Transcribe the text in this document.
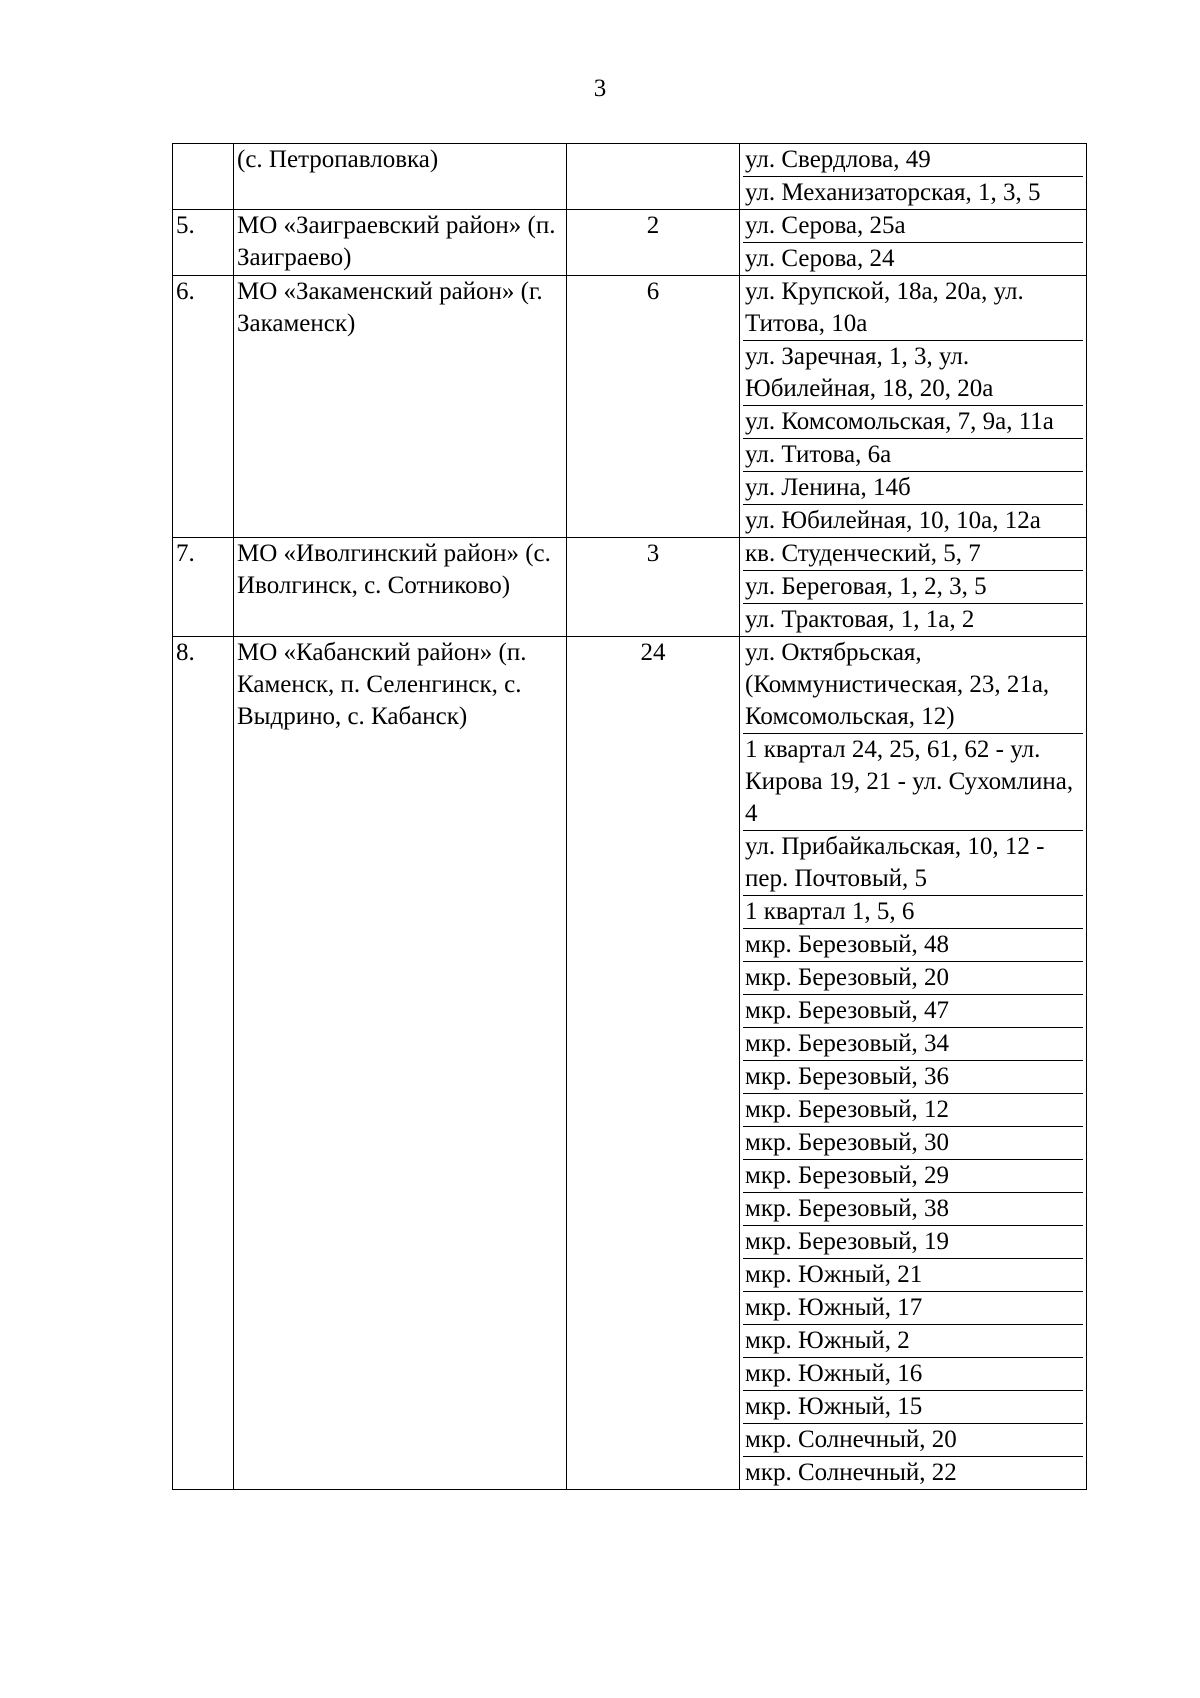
3
	(с. Петропавловка)			ул. Свердлова, 49
ул. Механизаторская, 1, 3, 5

5.	МО «Заиграевский район» (п. Заиграево)	2		ул. Серова, 25а
ул. Серова, 24

6.	МО «Закаменский район» (г. Закаменск)	6		ул. Крупской, 18а, 20а, ул. Титова, 10а
ул. Заречная, 1, 3, ул. Юбилейная, 18, 20, 20а
ул. Комсомольская, 7, 9а, 11а
ул. Титова, 6а
ул. Ленина, 14б
ул. Юбилейная, 10, 10а, 12а

7.	МО «Иволгинский район» (с. Иволгинск, с. Сотниково)	3		кв. Студенческий, 5, 7
ул. Береговая, 1, 2, 3, 5
ул. Трактовая, 1, 1а, 2

8.	МО «Кабанский район» (п. Каменск, п. Селенгинск, с. Выдрино, с. Кабанск)	24		ул. Октябрьская, (Коммунистическая, 23, 21а, Комсомольская, 12)
1 квартал 24, 25, 61, 62 - ул. Кирова 19, 21 - ул. Сухомлина, 4
ул. Прибайкальская, 10, 12 - пер. Почтовый, 5
1 квартал 1, 5, 6
мкр. Березовый, 48
мкр. Березовый, 20
мкр. Березовый, 47
мкр. Березовый, 34
мкр. Березовый, 36
мкр. Березовый, 12
мкр. Березовый, 30
мкр. Березовый, 29
мкр. Березовый, 38
мкр. Березовый, 19
мкр. Южный, 21
мкр. Южный, 17
мкр. Южный, 2
мкр. Южный, 16
мкр. Южный, 15
мкр. Солнечный, 20
мкр. Солнечный, 22
